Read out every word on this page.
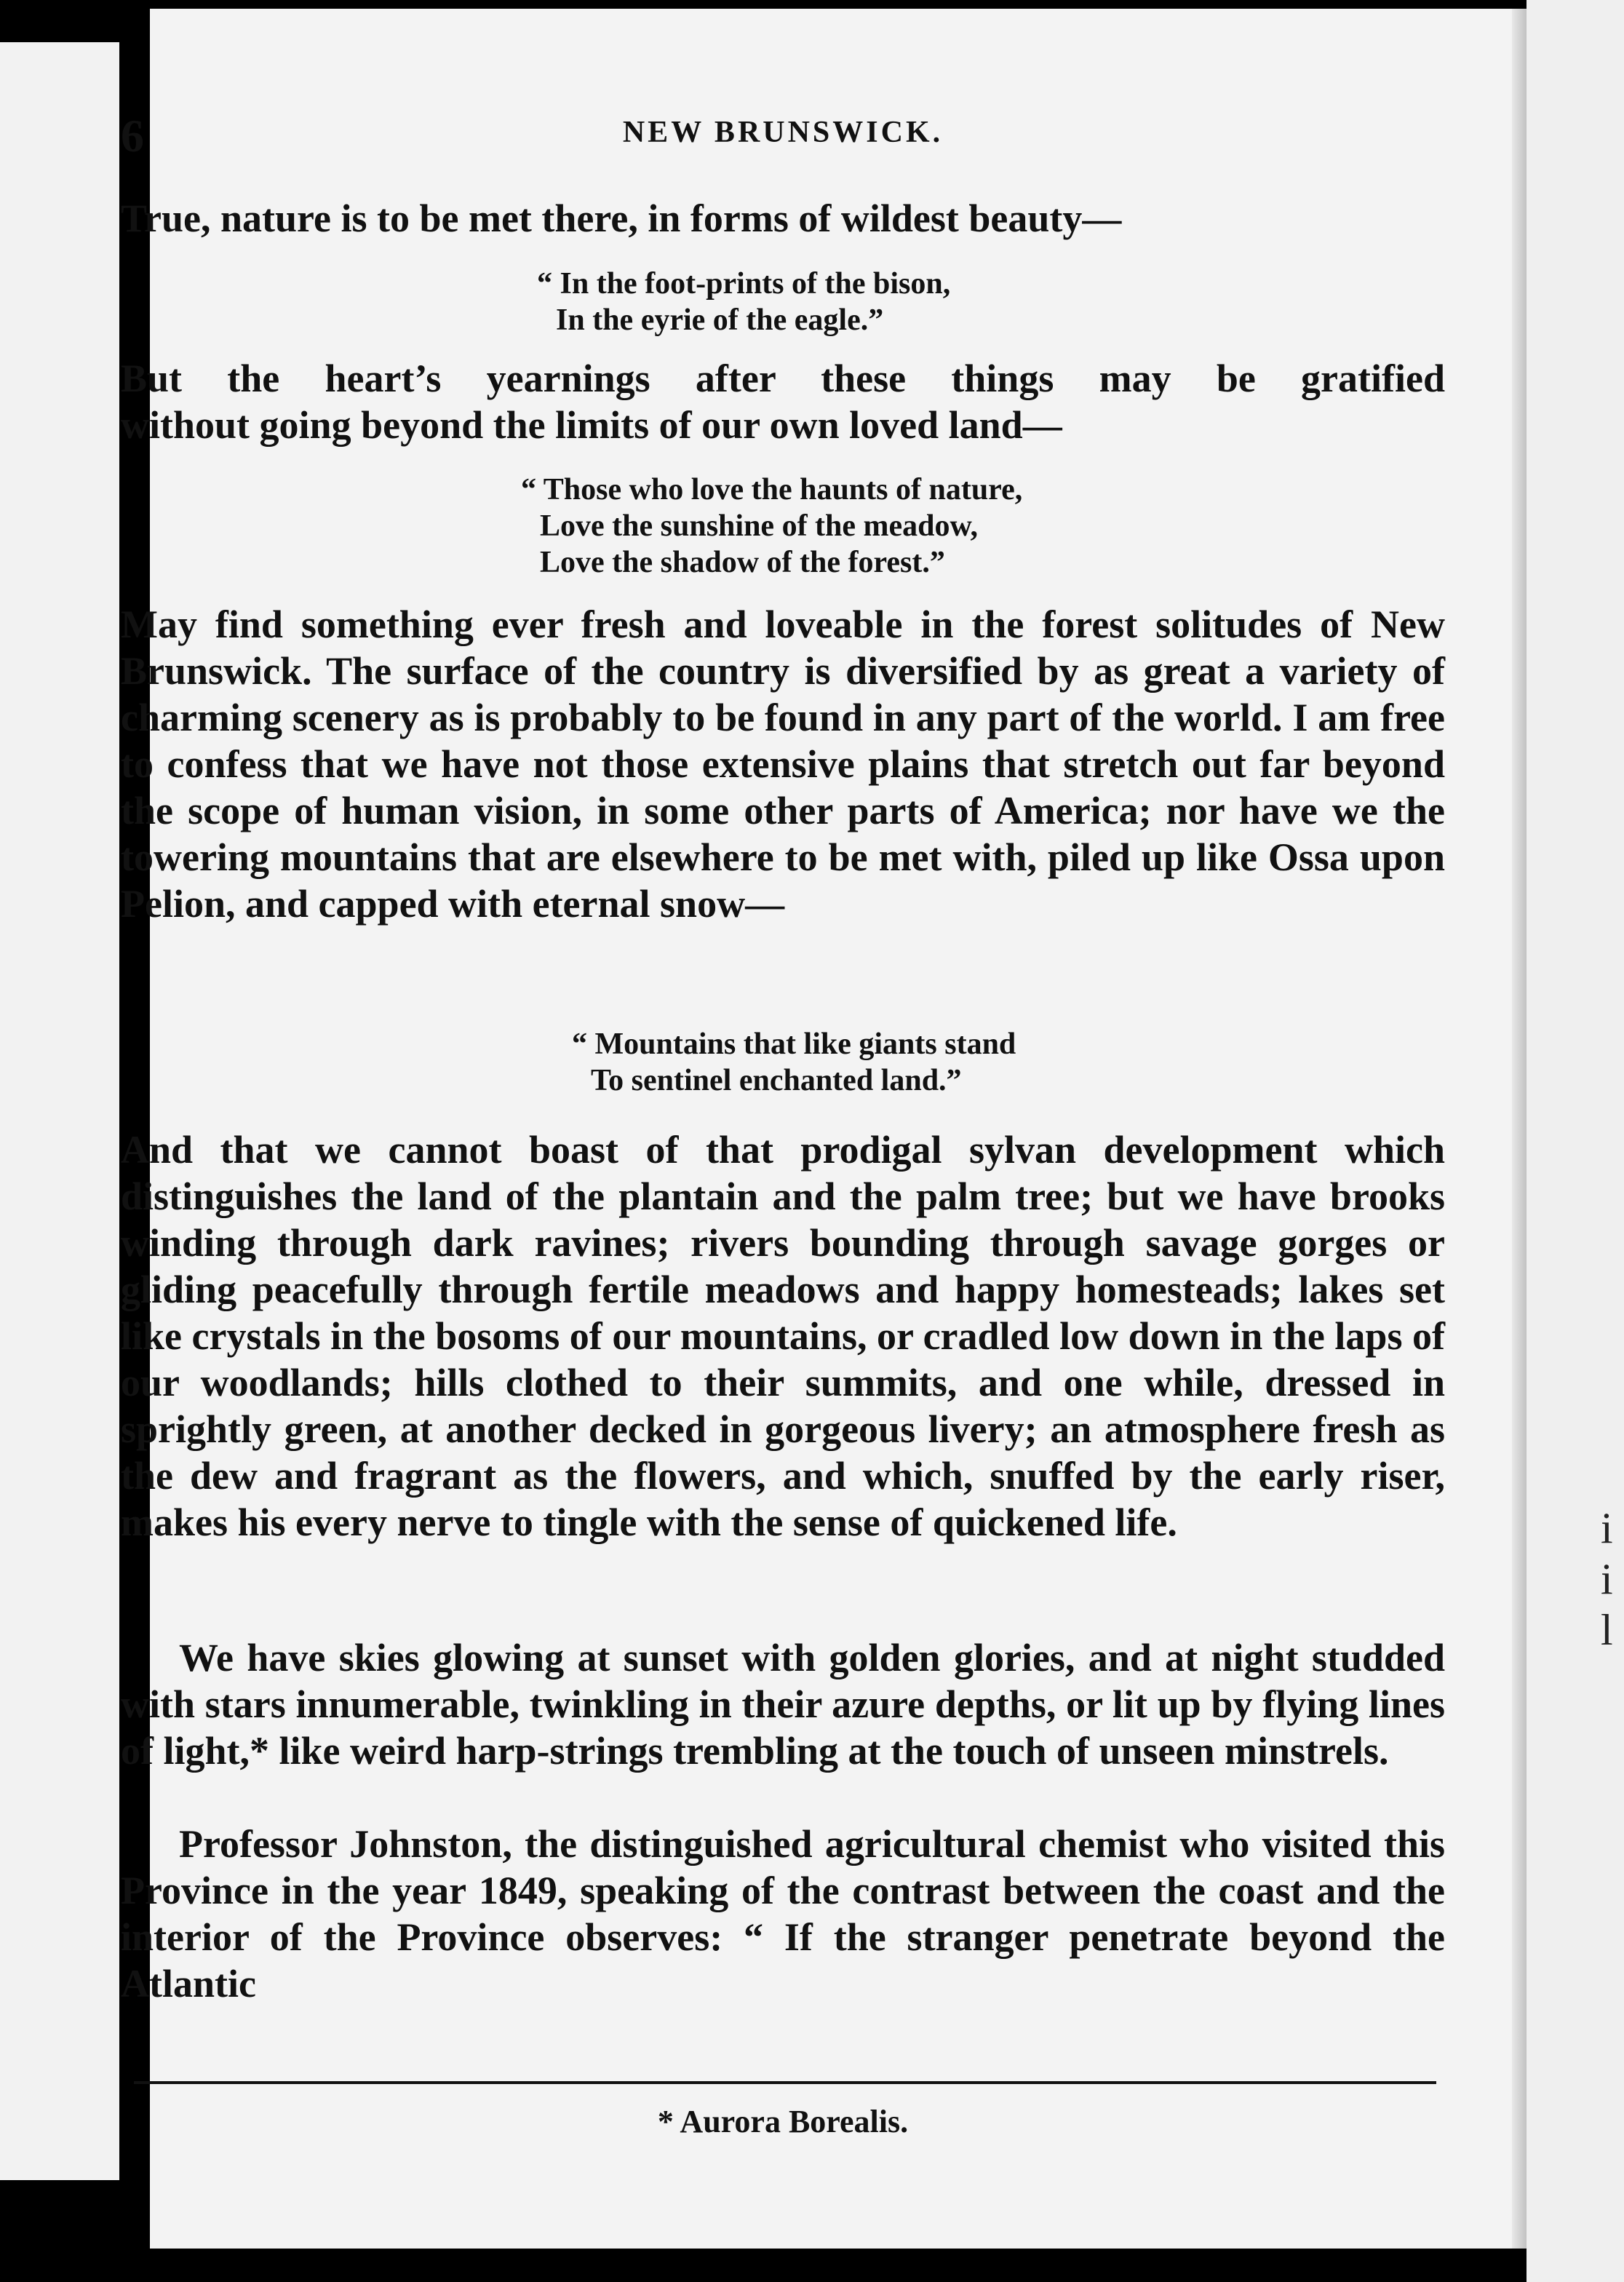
i
i
l
6	NEW BRUNSWICK.

True, nature is to be met there, in forms of wildest beauty—

“ In the foot-prints of the bison,

In the eyrie of the eagle.”

But the heart’s yearnings after these things may be gratified

without going beyond the limits of our own loved land—

“ Those who love the haunts of nature,

Love the sunshine of the meadow,

Love the shadow of the forest.”

May find something ever fresh and loveable in the forest solitudes of New Brunswick. The surface of the country is diversified by as great a variety of charming scenery as is probably to be found in any part of the world. I am free to confess that we have not those extensive plains that stretch out far beyond the scope of human vision, in some other parts of America; nor have we the towering mountains that are elsewhere to be met with, piled up like Ossa upon Pelion, and capped with eternal snow—

“ Mountains that like giants stand

To sentinel enchanted land.”

And that we cannot boast of that prodigal sylvan development which distinguishes the land of the plantain and the palm tree; but we have brooks winding through dark ravines; rivers bounding through savage gorges or gliding peacefully through fertile meadows and happy homesteads; lakes set like crystals in the bosoms of our mountains, or cradled low down in the laps of our woodlands; hills clothed to their summits, and one while, dressed in sprightly green, at another decked in gorgeous livery; an atmosphere fresh as the dew and fragrant as the flowers, and which, snuffed by the early riser, makes his every nerve to tingle with the sense of quickened life.

We have skies glowing at sunset with golden glories, and at night studded with stars innumerable, twinkling in their azure depths, or lit up by flying lines of light,* like weird harp-strings trembling at the touch of unseen minstrels.

Professor Johnston, the distinguished agricultural chemist who visited this Province in the year 1849, speaking of the contrast between the coast and the interior of the Province observes: “ If the stranger penetrate beyond the Atlantic

* Aurora Borealis.
